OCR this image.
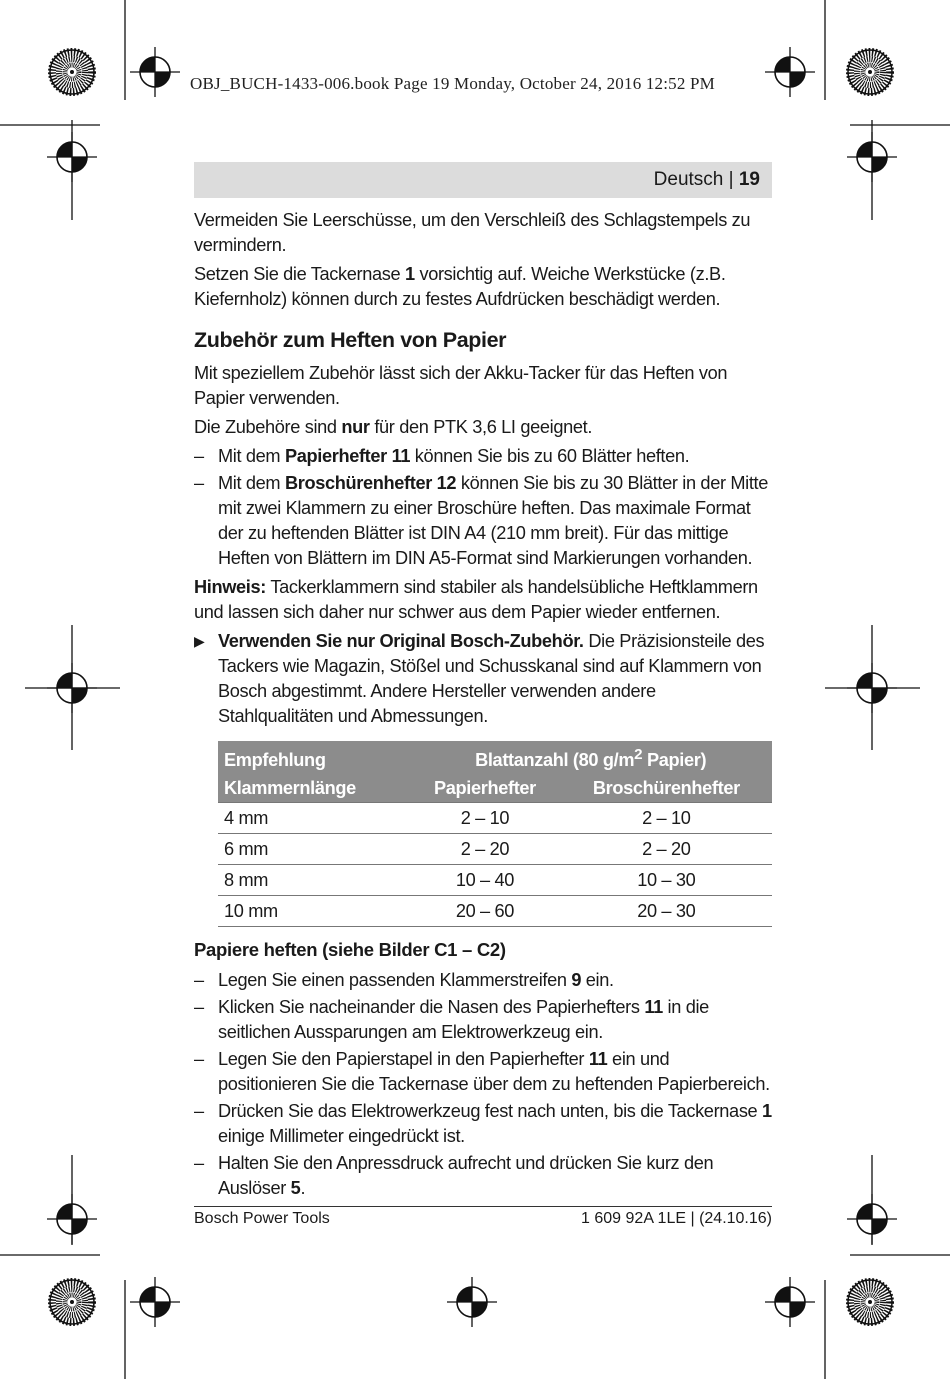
OBJ_BUCH-1433-006.book Page 19 Monday, October 24, 2016 12:52 PM
Deutsch | 19

Vermeiden Sie Leerschüsse, um den Verschleiß des Schlagstempels zu vermindern.

Setzen Sie die Tackernase 1 vorsichtig auf. Weiche Werkstücke (z.B. Kiefernholz) können durch zu festes Aufdrücken beschädigt werden.

Zubehör zum Heften von Papier

Mit speziellem Zubehör lässt sich der Akku-Tacker für das Heften von Papier verwenden.

Die Zubehöre sind nur für den PTK 3,6 LI geeignet.

– Mit dem Papierhefter 11 können Sie bis zu 60 Blätter heften.
– Mit dem Broschürenhefter 12 können Sie bis zu 30 Blätter in der Mitte mit zwei Klammern zu einer Broschüre heften. Das maximale Format der zu heftenden Blätter ist DIN A4 (210 mm breit). Für das mittige Heften von Blättern im DIN A5-Format sind Markierungen vorhanden.

Hinweis: Tackerklammern sind stabiler als handelsübliche Heftklammern und lassen sich daher nur schwer aus dem Papier wieder entfernen.

▶ Verwenden Sie nur Original Bosch-Zubehör. Die Präzisionsteile des Tackers wie Magazin, Stößel und Schusskanal sind auf Klammern von Bosch abgestimmt. Andere Hersteller verwenden andere Stahlqualitäten und Abmessungen.
Empfehlung	Blattanzahl (80 $g/m^2$ Papier)	
Klammernlänge	Papierhefter	Broschürenhefter
4 mm	2 – 10	2 – 10
6 mm	2 – 20	2 – 20
8 mm	10 – 40	10 – 30
10 mm	20 – 60	20 – 30
Papiere heften (siehe Bilder C1 – C2)
– Legen Sie einen passenden Klammerstreifen 9 ein.
– Klicken Sie nacheinander die Nasen des Papierhefters 11 in die seitlichen Aussparungen am Elektrowerkzeug ein.
– Legen Sie den Papierstapel in den Papierhefter 11 ein und positionieren Sie die Tackernase über dem zu heftenden Papierbereich.
– Drücken Sie das Elektrowerkzeug fest nach unten, bis die Tackernase 1 einige Millimeter eingedrückt ist.
– Halten Sie den Anpressdruck aufrecht und drücken Sie kurz den Auslöser 5.
Bosch Power Tools	1 609 92A 1LE | (24.10.16)
